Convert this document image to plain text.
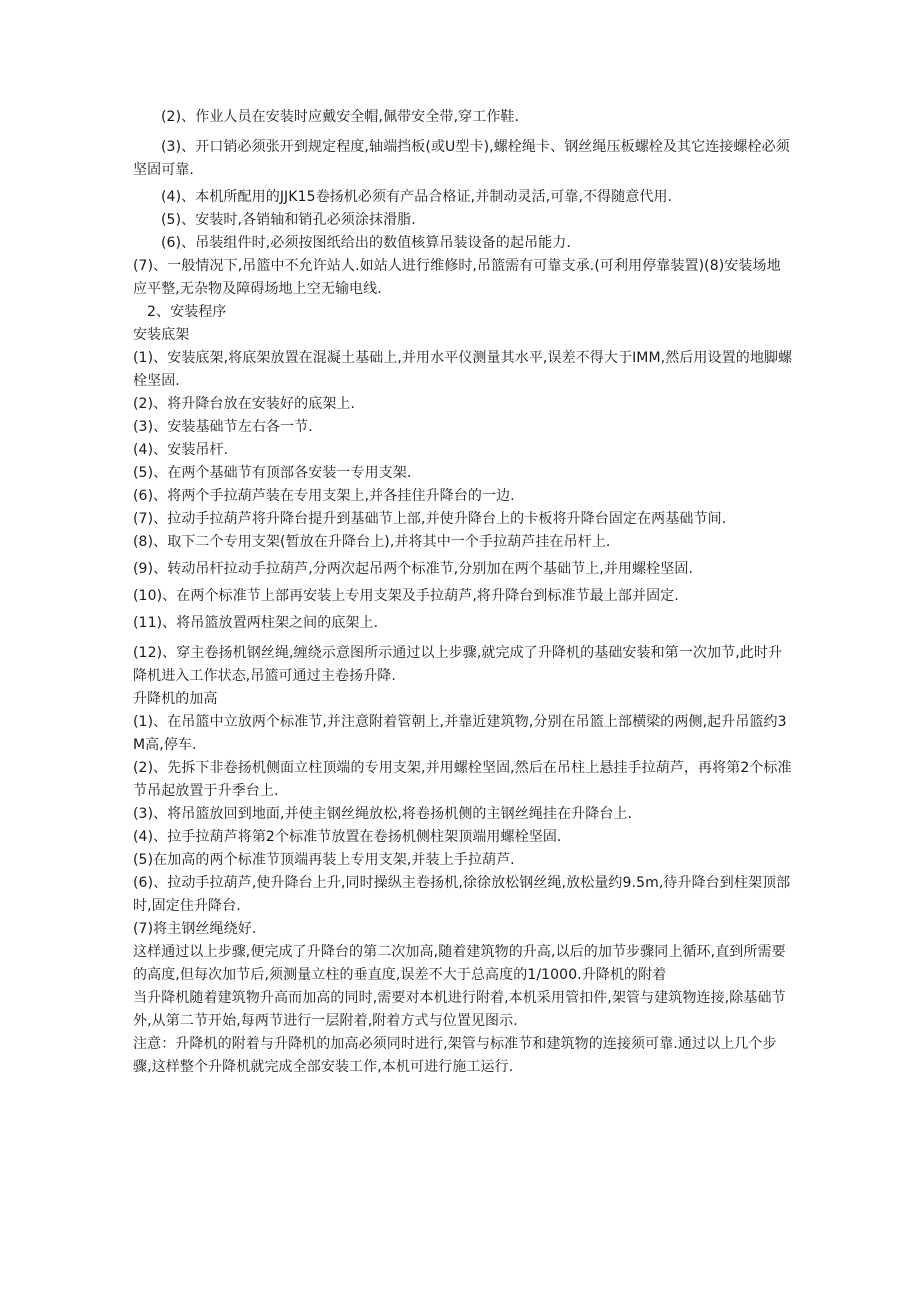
(2)、作业人员在安装时应戴安全帽,佩带安全带,穿工作鞋.

(3)、开口销必须张开到规定程度,轴端挡板(或U型卡),螺栓绳卡、钢丝绳压板螺栓及其它连接螺栓必须坚固可靠.

(4)、本机所配用的JJK15卷扬机必须有产品合格证,并制动灵活,可靠,不得随意代用.

(5)、安装时,各销轴和销孔必须涂抹滑脂.

(6)、吊装组件时,必须按图纸给出的数值核算吊装设备的起吊能力.

(7)、一般情况下,吊篮中不允许站人.如站人进行维修时,吊篮需有可靠支承.(可利用停靠装置)(8)安装场地应平整,无杂物及障碍场地上空无输电线.

2、安装程序

安装底架

(1)、安装底架,将底架放置在混凝土基础上,并用水平仪测量其水平,误差不得大于IMM,然后用设置的地脚螺栓坚固.

(2)、将升降台放在安装好的底架上.

(3)、安装基础节左右各一节.

(4)、安装吊杆.

(5)、在两个基础节有顶部各安装一专用支架.

(6)、将两个手拉葫芦装在专用支架上,并各挂住升降台的一边.

(7)、拉动手拉葫芦将升降台提升到基础节上部,并使升降台上的卡板将升降台固定在两基础节间.

(8)、取下二个专用支架(暂放在升降台上),并将其中一个手拉葫芦挂在吊杆上.

(9)、转动吊杆拉动手拉葫芦,分两次起吊两个标准节,分别加在两个基础节上,并用螺栓坚固.

(10)、在两个标准节上部再安装上专用支架及手拉葫芦,将升降台到标准节最上部并固定.

(11)、将吊篮放置两柱架之间的底架上.

(12)、穿主卷扬机钢丝绳,缠绕示意图所示通过以上步骤,就完成了升降机的基础安装和第一次加节,此时升降机进入工作状态,吊篮可通过主卷扬升降.

升降机的加高

(1)、在吊篮中立放两个标准节,并注意附着管朝上,并靠近建筑物,分别在吊篮上部横梁的两侧,起升吊篮约3M高,停车.

(2)、先拆下非卷扬机侧面立柱顶端的专用支架,并用螺栓坚固,然后在吊柱上悬挂手拉葫芦，再将第2个标准节吊起放置于升季台上.

(3)、将吊篮放回到地面,并使主钢丝绳放松,将卷扬机侧的主钢丝绳挂在升降台上.

(4)、拉手拉葫芦将第2个标准节放置在卷扬机侧柱架顶端用螺栓坚固.

(5)在加高的两个标准节顶端再装上专用支架,并装上手拉葫芦.

(6)、拉动手拉葫芦,使升降台上升,同时操纵主卷扬机,徐徐放松钢丝绳,放松量约9.5m,待升降台到柱架顶部时,固定住升降台.

(7)将主钢丝绳绕好.

这样通过以上步骤,便完成了升降台的第二次加高,随着建筑物的升高,以后的加节步骤同上循环,直到所需要的高度,但每次加节后,须测量立柱的垂直度,误差不大于总高度的1/1000.升降机的附着

当升降机随着建筑物升高而加高的同时,需要对本机进行附着,本机采用管扣件,架管与建筑物连接,除基础节外,从第二节开始,每两节进行一层附着,附着方式与位置见图示.

注意：升降机的附着与升降机的加高必须同时进行,架管与标准节和建筑物的连接须可靠.通过以上几个步骤,这样整个升降机就完成全部安装工作,本机可进行施工运行.
